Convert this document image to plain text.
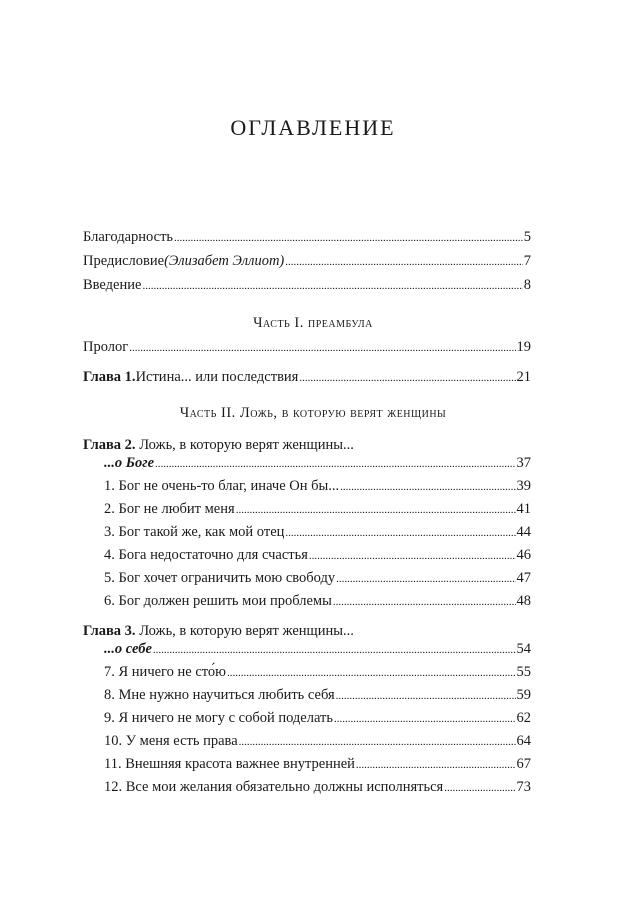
ОГЛАВЛЕНИЕ
Благодарность .....	5
Предисловие (Элизабет Эллиот) .....	7
Введение .....	8
Часть I. преамбула
Пролог .....	19
Глава 1. Истина... или последствия .....	21
Часть II. Ложь, в которую верят женщины
Глава 2. Ложь, в которую верят женщины...
...о Боге .....	37
1. Бог не очень-то благ, иначе Он бы... .....	39
2. Бог не любит меня .....	41
3. Бог такой же, как мой отец .....	44
4. Бога недостаточно для счастья .....	46
5. Бог хочет ограничить мою свободу .....	47
6. Бог должен решить мои проблемы .....	48
Глава 3. Ложь, в которую верят женщины...
...о себе .....	54
7. Я ничего не сто́ю .....	55
8. Мне нужно научиться любить себя .....	59
9. Я ничего не могу с собой поделать .....	62
10. У меня есть права .....	64
11. Внешняя красота важнее внутренней .....	67
12. Все мои желания обязательно должны исполняться .....	73
